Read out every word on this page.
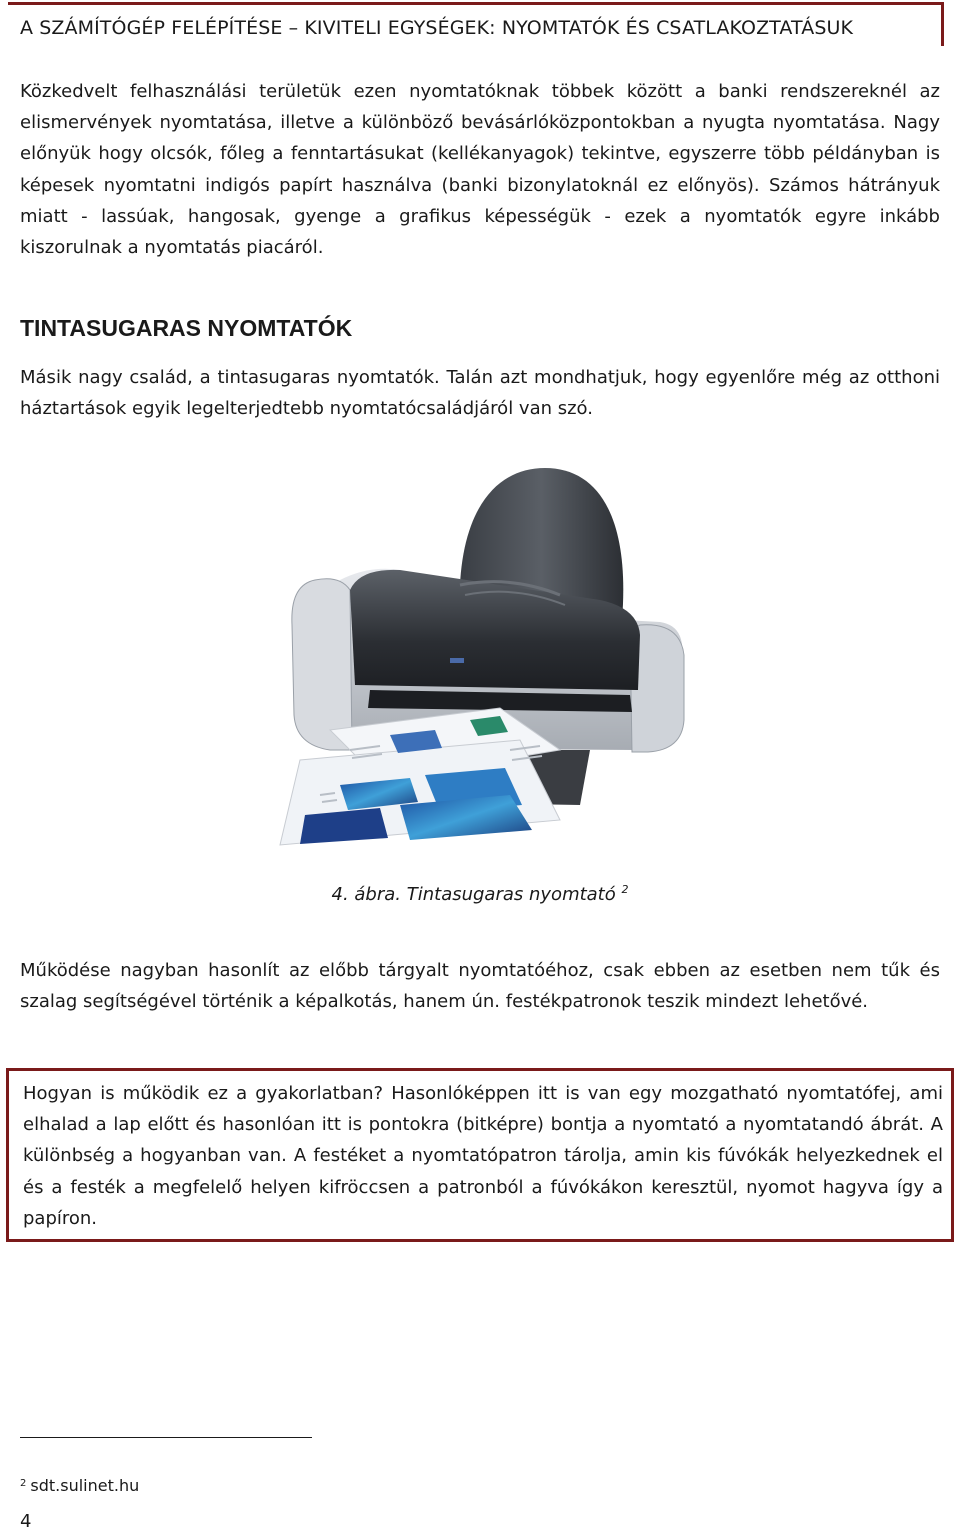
A SZÁMÍTÓGÉP FELÉPÍTÉSE – KIVITELI EGYSÉGEK: NYOMTATÓK ÉS CSATLAKOZTATÁSUK

Közkedvelt felhasználási területük ezen nyomtatóknak többek között a banki rendszereknél az elismervények nyomtatása, illetve a különböző bevásárlóközpontokban a nyugta nyomtatása. Nagy előnyük hogy olcsók, főleg a fenntartásukat (kellékanyagok) tekintve, egyszerre több példányban is képesek nyomtatni indigós papírt használva (banki bizonylatoknál ez előnyös). Számos hátrányuk miatt - lassúak, hangosak, gyenge a grafikus képességük - ezek a nyomtatók egyre inkább kiszorulnak a nyomtatás piacáról.

TINTASUGARAS NYOMTATÓK

Másik nagy család, a tintasugaras nyomtatók. Talán azt mondhatjuk, hogy egyenlőre még az otthoni háztartások egyik legelterjedtebb nyomtatócsaládjáról van szó.

4. ábra. Tintasugaras nyomtató $^2$

Működése nagyban hasonlít az előbb tárgyalt nyomtatóéhoz, csak ebben az esetben nem tűk és szalag segítségével történik a képalkotás, hanem ún. festékpatronok teszik mindezt lehetővé.

Hogyan is működik ez a gyakorlatban? Hasonlóképpen itt is van egy mozgatható nyomtatófej, ami elhalad a lap előtt és hasonlóan itt is pontokra (bitképre) bontja a nyomtató a nyomtatandó ábrát. A különbség a hogyanban van. A festéket a nyomtatópatron tárolja, amin kis fúvókák helyezkednek el és a festék a megfelelő helyen kifröccsen a patronból a fúvókákon keresztül, nyomot hagyva így a papíron.

$^2$ sdt.sulinet.hu
4
